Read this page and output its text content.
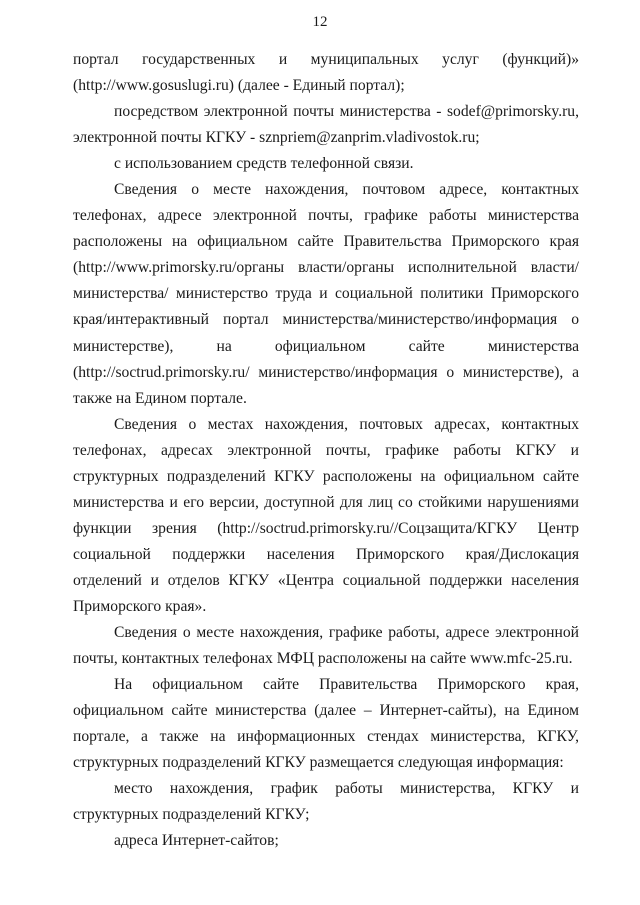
12

портал государственных и муниципальных услуг (функций)» (http://www.gosuslugi.ru) (далее - Единый портал);

посредством электронной почты министерства - sodef@primorsky.ru, электронной почты КГКУ - sznpriem@zanprim.vladivostok.ru;

с использованием средств телефонной связи.

Сведения о месте нахождения, почтовом адресе, контактных телефонах, адресе электронной почты, графике работы министерства расположены на официальном сайте Правительства Приморского края (http://www.primorsky.ru/органы власти/органы исполнительной власти/ министерства/ министерство труда и социальной политики Приморского края/интерактивный портал министерства/министерство/информация о министерстве), на официальном сайте министерства (http://soctrud.primorsky.ru/ министерство/информация о министерстве), а также на Едином портале.

Сведения о местах нахождения, почтовых адресах, контактных телефонах, адресах электронной почты, графике работы КГКУ и структурных подразделений КГКУ расположены на официальном сайте министерства и его версии, доступной для лиц со стойкими нарушениями функции зрения (http://soctrud.primorsky.ru//Соцзащита/КГКУ Центр социальной поддержки населения Приморского края/Дислокация отделений и отделов КГКУ «Центра социальной поддержки населения Приморского края».

Сведения о месте нахождения, графике работы, адресе электронной почты, контактных телефонах МФЦ расположены на сайте www.mfc-25.ru.

На официальном сайте Правительства Приморского края, официальном сайте министерства (далее – Интернет-сайты), на Едином портале, а также на информационных стендах министерства, КГКУ, структурных подразделений КГКУ размещается следующая информация:

место нахождения, график работы министерства, КГКУ и структурных подразделений КГКУ;

адреса Интернет-сайтов;
